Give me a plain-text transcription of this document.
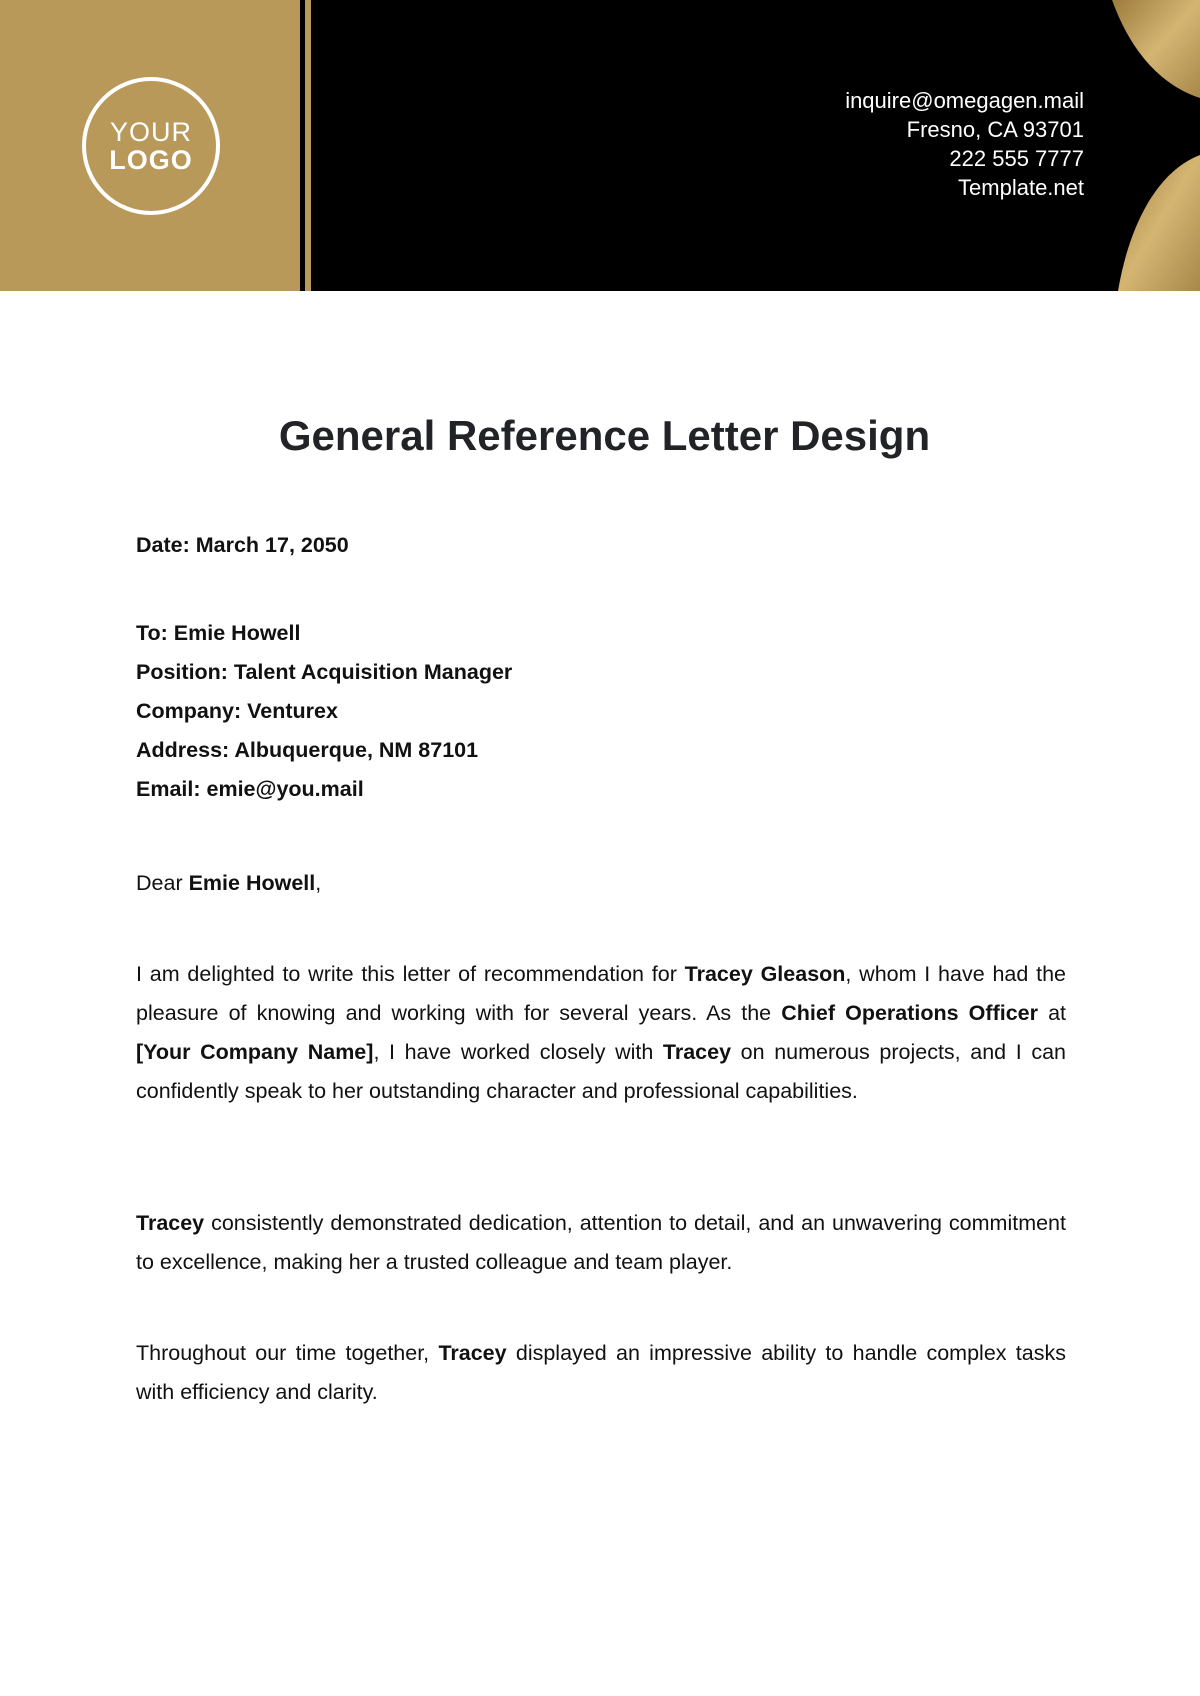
YOUR
LOGO
inquire@omegagen.mail
Fresno, CA 93701
222 555 7777
Template.net
General Reference Letter Design
Date: March 17, 2050
To: Emie Howell
Position: Talent Acquisition Manager
Company: Venturex
Address: Albuquerque, NM 87101
Email: emie@you.mail
Dear Emie Howell,
I am delighted to write this letter of recommendation for Tracey Gleason, whom I have had the pleasure of knowing and working with for several years. As the Chief Operations Officer at [Your Company Name], I have worked closely with Tracey on numerous projects, and I can confidently speak to her outstanding character and professional capabilities.
Tracey consistently demonstrated dedication, attention to detail, and an unwavering commitment to excellence, making her a trusted colleague and team player.
Throughout our time together, Tracey displayed an impressive ability to handle complex tasks with efficiency and clarity.
